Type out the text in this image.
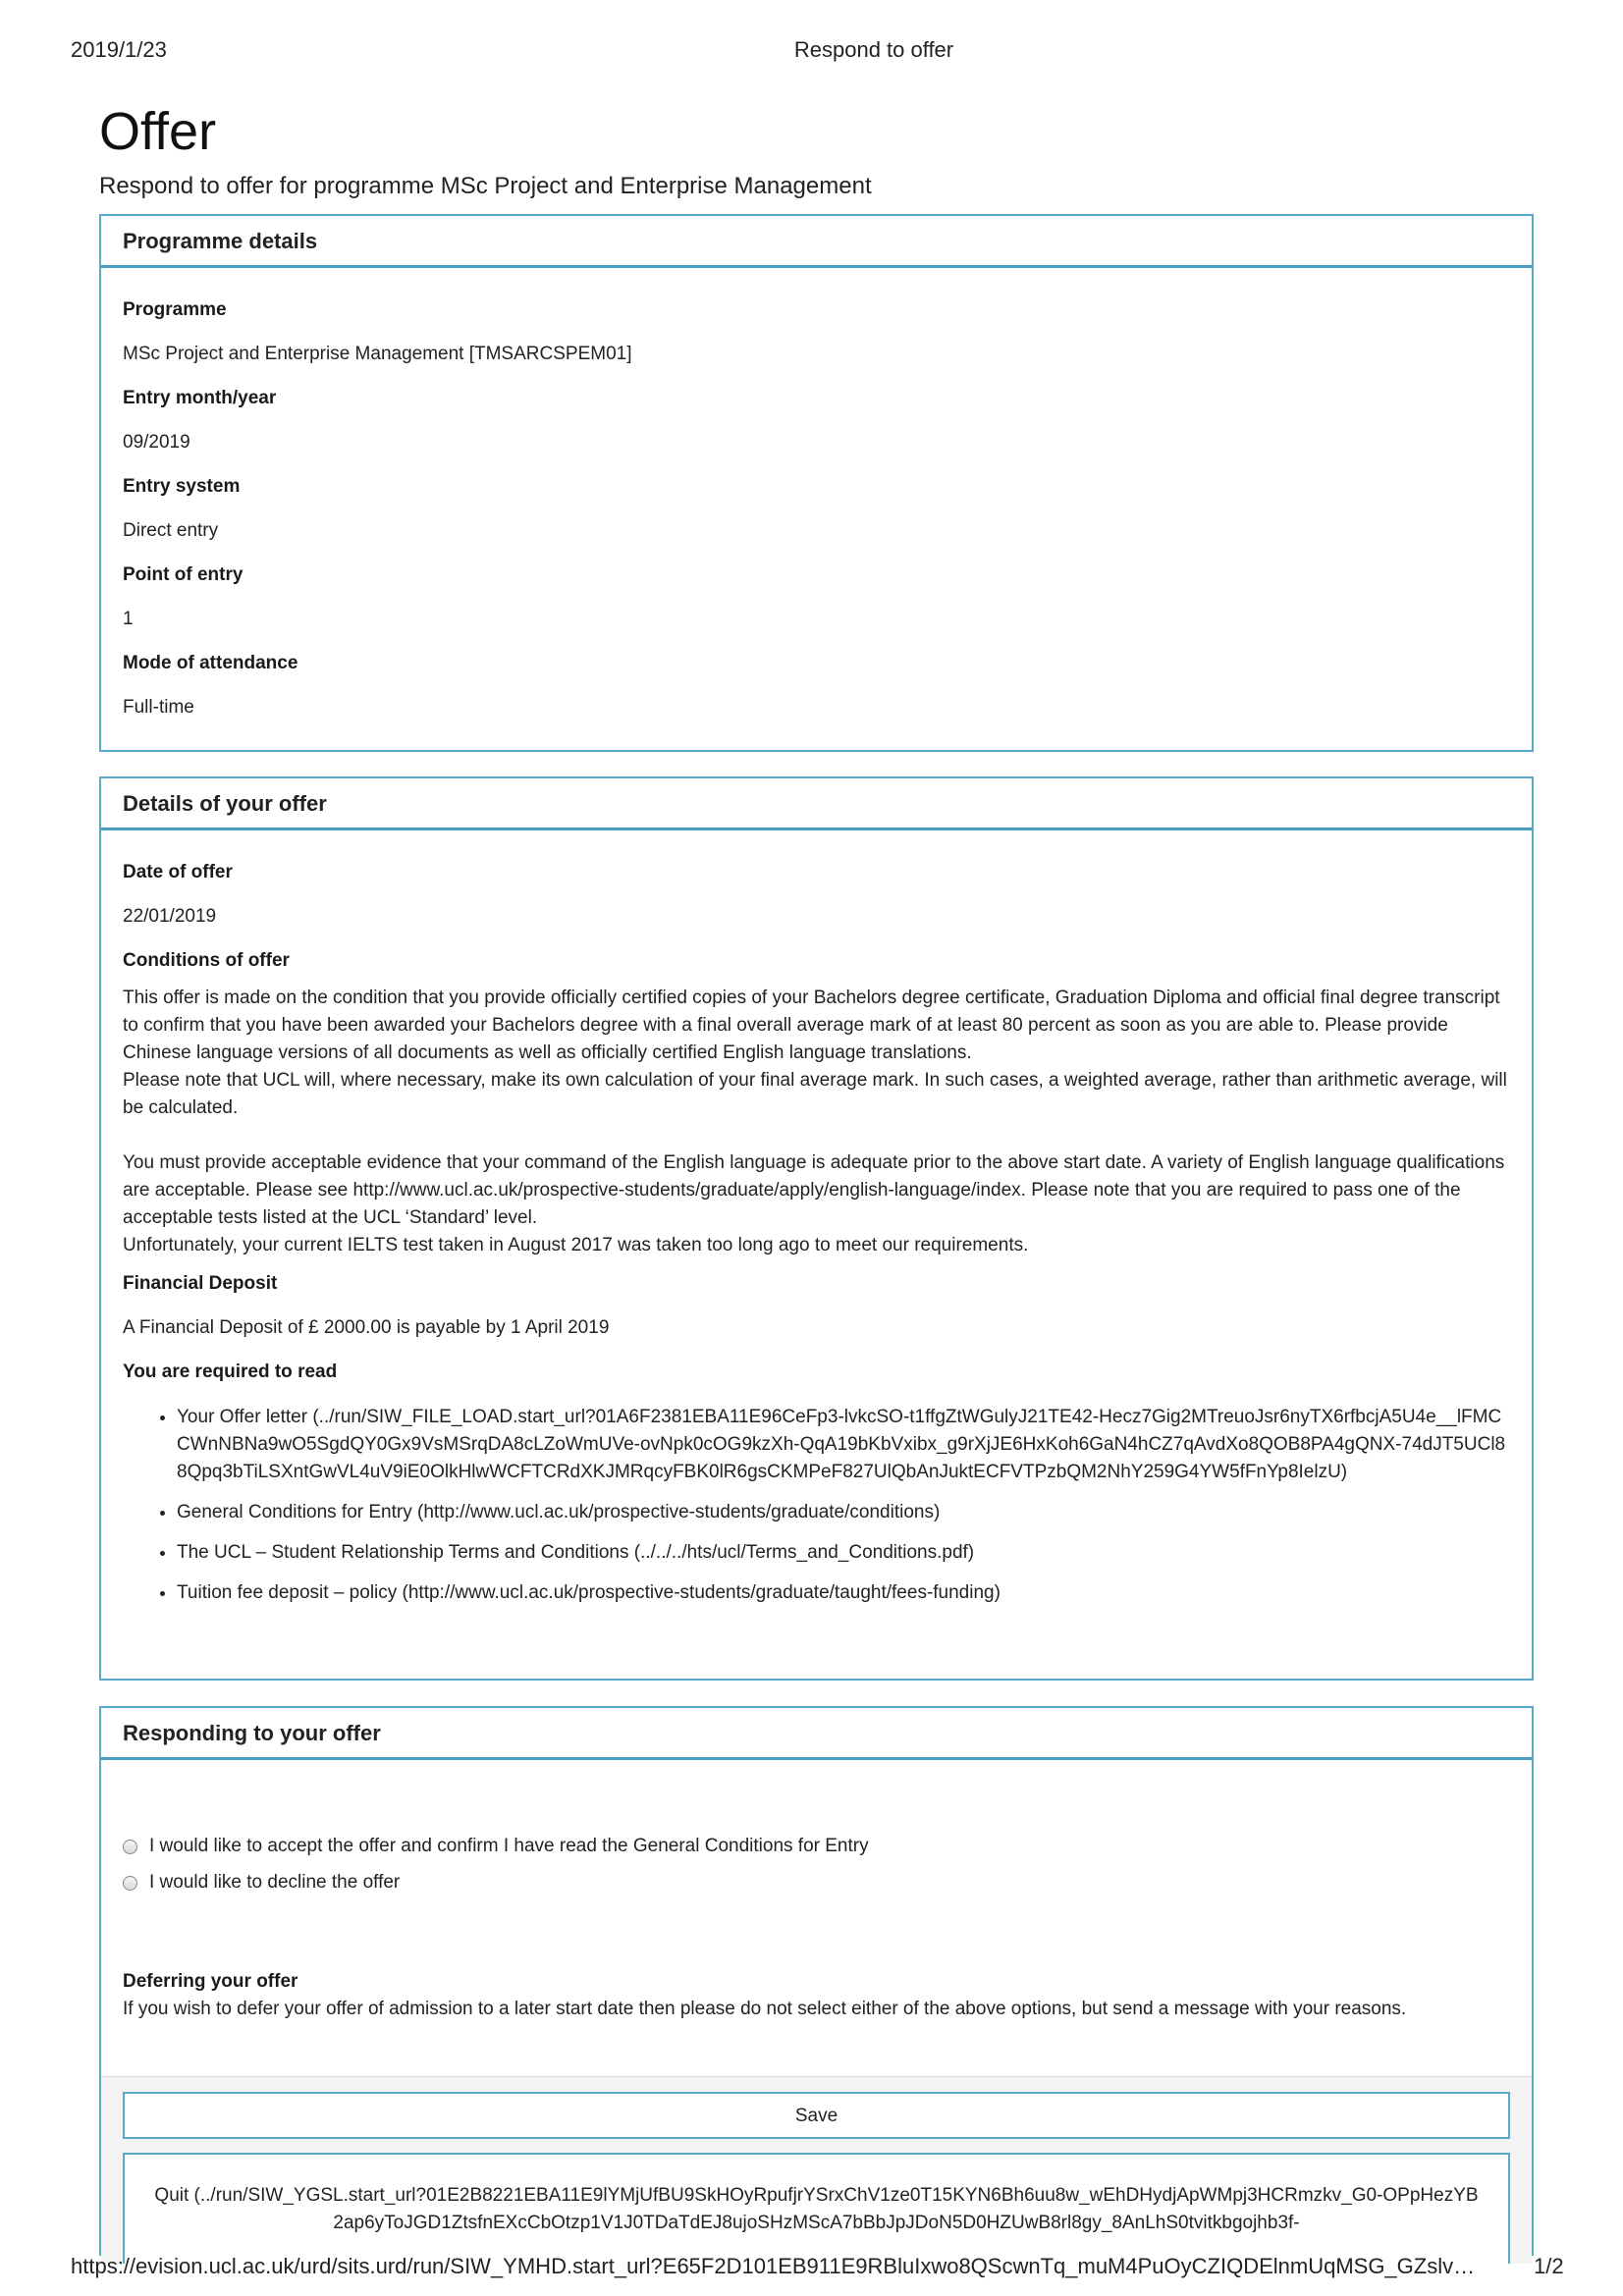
2019/1/23	Respond to offer
Offer

Respond to offer for programme MSc Project and Enterprise Management

Programme details

Programme

MSc Project and Enterprise Management [TMSARCSPEM01]

Entry month/year

09/2019

Entry system

Direct entry

Point of entry

1

Mode of attendance

Full-time

Details of your offer

Date of offer

22/01/2019

Conditions of offer

This offer is made on the condition that you provide officially certified copies of your Bachelors degree certificate, Graduation Diploma and official final degree transcript to confirm that you have been awarded your Bachelors degree with a final overall average mark of at least 80 percent as soon as you are able to. Please provide Chinese language versions of all documents as well as officially certified English language translations.

Please note that UCL will, where necessary, make its own calculation of your final average mark. In such cases, a weighted average, rather than arithmetic average, will be calculated.

You must provide acceptable evidence that your command of the English language is adequate prior to the above start date. A variety of English language qualifications are acceptable. Please see http://www.ucl.ac.uk/prospective-students/graduate/apply/english-language/index. Please note that you are required to pass one of the acceptable tests listed at the UCL ‘Standard’ level.

Unfortunately, your current IELTS test taken in August 2017 was taken too long ago to meet our requirements.

Financial Deposit

A Financial Deposit of £ 2000.00 is payable by 1 April 2019

You are required to read

• Your Offer letter (../run/SIW_FILE_LOAD.start_url?01A6F2381EBA11E96CeFp3-lvkcSO-t1ffgZtWGulyJ21TE42-Hecz7Gig2MTreuoJsr6nyTX6rfbcjA5U4e__lFMCCWnNBNa9wO5SgdQY0Gx9VsMSrqDA8cLZoWmUVe-ovNpk0cOG9kzXh-QqA19bKbVxibx_g9rXjJE6HxKoh6GaN4hCZ7qAvdXo8QOB8PA4gQNX-74dJT5UCl88Qpq3bTiLSXntGwVL4uV9iE0OlkHlwWCFTCRdXKJMRqcyFBK0lR6gsCKMPeF827UlQbAnJuktECFVTPzbQM2NhY259G4YW5fFnYp8IelzU)
• General Conditions for Entry (http://www.ucl.ac.uk/prospective-students/graduate/conditions)
• The UCL – Student Relationship Terms and Conditions (../../../hts/ucl/Terms_and_Conditions.pdf)
• Tuition fee deposit – policy (http://www.ucl.ac.uk/prospective-students/graduate/taught/fees-funding)
Responding to your offer
I would like to accept the offer and confirm I have read the General Conditions for Entry
I would like to decline the offer
Deferring your offer
If you wish to defer your offer of admission to a later start date then please do not select either of the above options, but send a message with your reasons.
Save
Quit (../run/SIW_YGSL.start_url?01E2B8221EBA11E9lYMjUfBU9SkHOyRpufjrYSrxChV1ze0T15KYN6Bh6uu8w_wEhDHydjApWMpj3HCRmzkv_G0-OPpHezYB2ap6yToJGD1ZtsfnEXcCbOtzp1V1J0TDaTdEJ8ujoSHzMScA7bBbJpJDoN5D0HZUwB8rl8gy_8AnLhS0tvitkbgojhb3f-
https://evision.ucl.ac.uk/urd/sits.urd/run/SIW_YMHD.start_url?E65F2D101EB911E9RBluIxwo8QScwnTq_muM4PuOyCZIQDElnmUqMSG_GZslv…	1/2
